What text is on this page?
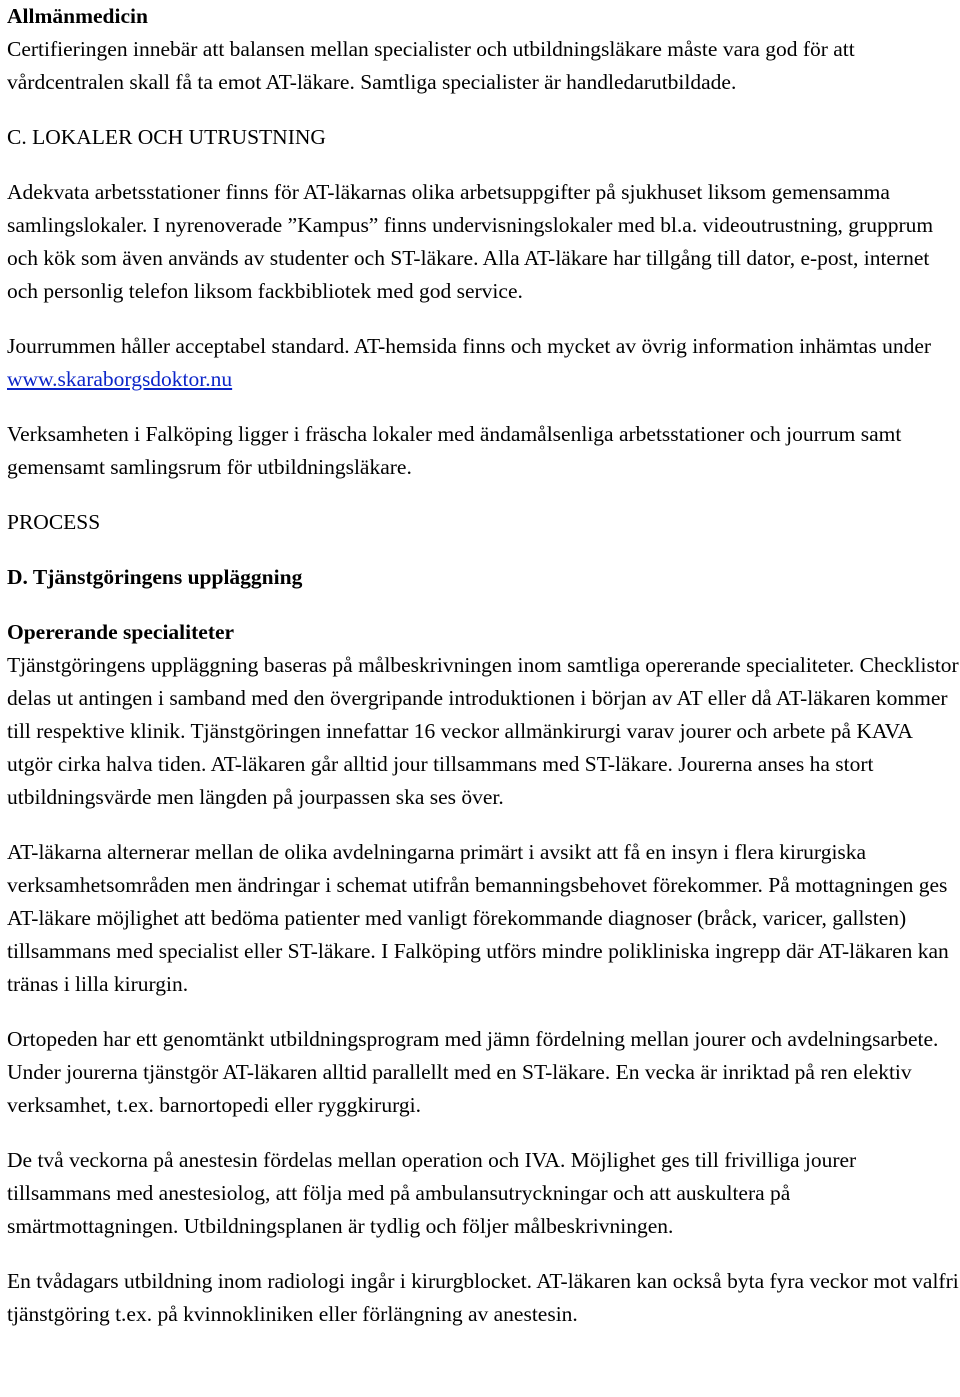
Allmänmedicin

Certifieringen innebär att balansen mellan specialister och utbildningsläkare måste vara god för att vårdcentralen skall få ta emot AT-läkare. Samtliga specialister är handledarutbildade.

C. LOKALER OCH UTRUSTNING

Adekvata arbetsstationer finns för AT-läkarnas olika arbetsuppgifter på sjukhuset liksom gemensamma samlingslokaler. I nyrenoverade ”Kampus” finns undervisningslokaler med bl.a. videoutrustning, grupprum och kök som även används av studenter och ST-läkare. Alla AT-läkare har tillgång till dator, e-post, internet och personlig telefon liksom fackbibliotek med god service.

Jourrummen håller acceptabel standard. AT-hemsida finns och mycket av övrig information inhämtas under www.skaraborgsdoktor.nu

Verksamheten i Falköping ligger i fräscha lokaler med ändamålsenliga arbetsstationer och jourrum samt gemensamt samlingsrum för utbildningsläkare.

PROCESS
D. Tjänstgöringens uppläggning
Opererande specialiteter

Tjänstgöringens uppläggning baseras på målbeskrivningen inom samtliga opererande specialiteter. Checklistor delas ut antingen i samband med den övergripande introduktionen i början av AT eller då AT-läkaren kommer till respektive klinik. Tjänstgöringen innefattar 16 veckor allmänkirurgi varav jourer och arbete på KAVA utgör cirka halva tiden. AT-läkaren går alltid jour tillsammans med ST-läkare. Jourerna anses ha stort utbildningsvärde men längden på jourpassen ska ses över.

AT-läkarna alternerar mellan de olika avdelningarna primärt i avsikt att få en insyn i flera kirurgiska verksamhetsområden men ändringar i schemat utifrån bemanningsbehovet förekommer. På mottagningen ges AT-läkare möjlighet att bedöma patienter med vanligt förekommande diagnoser (bråck, varicer, gallsten) tillsammans med specialist eller ST-läkare. I Falköping utförs mindre polikliniska ingrepp där AT-läkaren kan tränas i lilla kirurgin.

Ortopeden har ett genomtänkt utbildningsprogram med jämn fördelning mellan jourer och avdelningsarbete. Under jourerna tjänstgör AT-läkaren alltid parallellt med en ST-läkare. En vecka är inriktad på ren elektiv verksamhet, t.ex. barnortopedi eller ryggkirurgi.

De två veckorna på anestesin fördelas mellan operation och IVA. Möjlighet ges till frivilliga jourer tillsammans med anestesiolog, att följa med på ambulansutryckningar och att auskultera på smärtmottagningen. Utbildningsplanen är tydlig och följer målbeskrivningen.

En tvådagars utbildning inom radiologi ingår i kirurgblocket. AT-läkaren kan också byta fyra veckor mot valfri tjänstgöring t.ex. på kvinnokliniken eller förlängning av anestesin.
